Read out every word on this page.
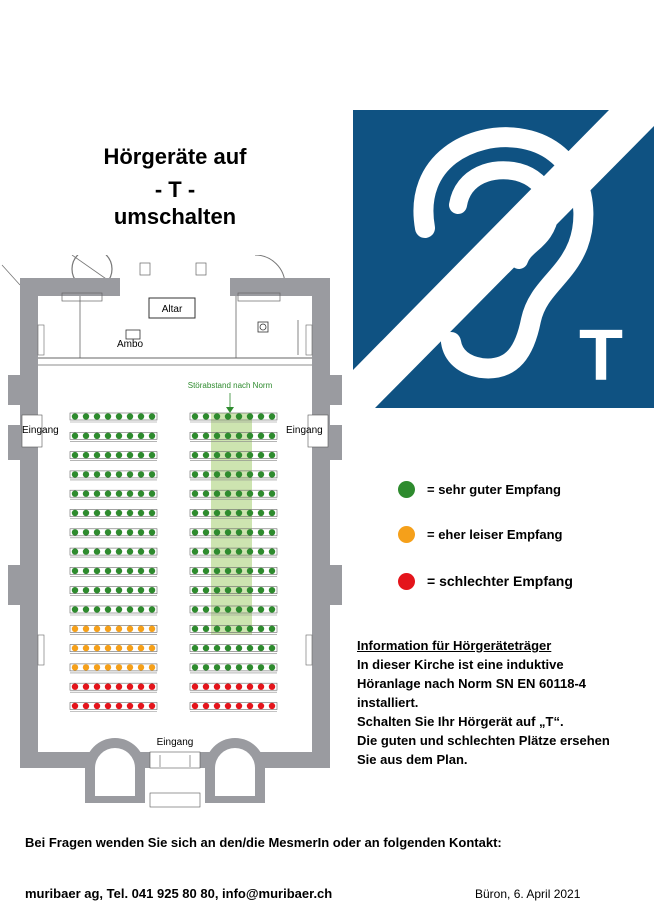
Hörgeräte auf
- T -
umschalten
T
Altar
Ambo
Eingang	Eingang
Störabstand nach Norm
Eingang
= sehr guter Empfang
= eher leiser Empfang
= schlechter Empfang
Information für Hörgeräteträger
In dieser Kirche ist eine induktive
Höranlage nach Norm SN EN 60118-4
installiert.
Schalten Sie Ihr Hörgerät auf „T“.
Die guten und schlechten Plätze ersehen
Sie aus dem Plan.
Bei Fragen wenden Sie sich an den/die MesmerIn oder an folgenden Kontakt:
muribaer ag, Tel. 041 925 80 80, info@muribaer.ch	Büron, 6. April 2021
